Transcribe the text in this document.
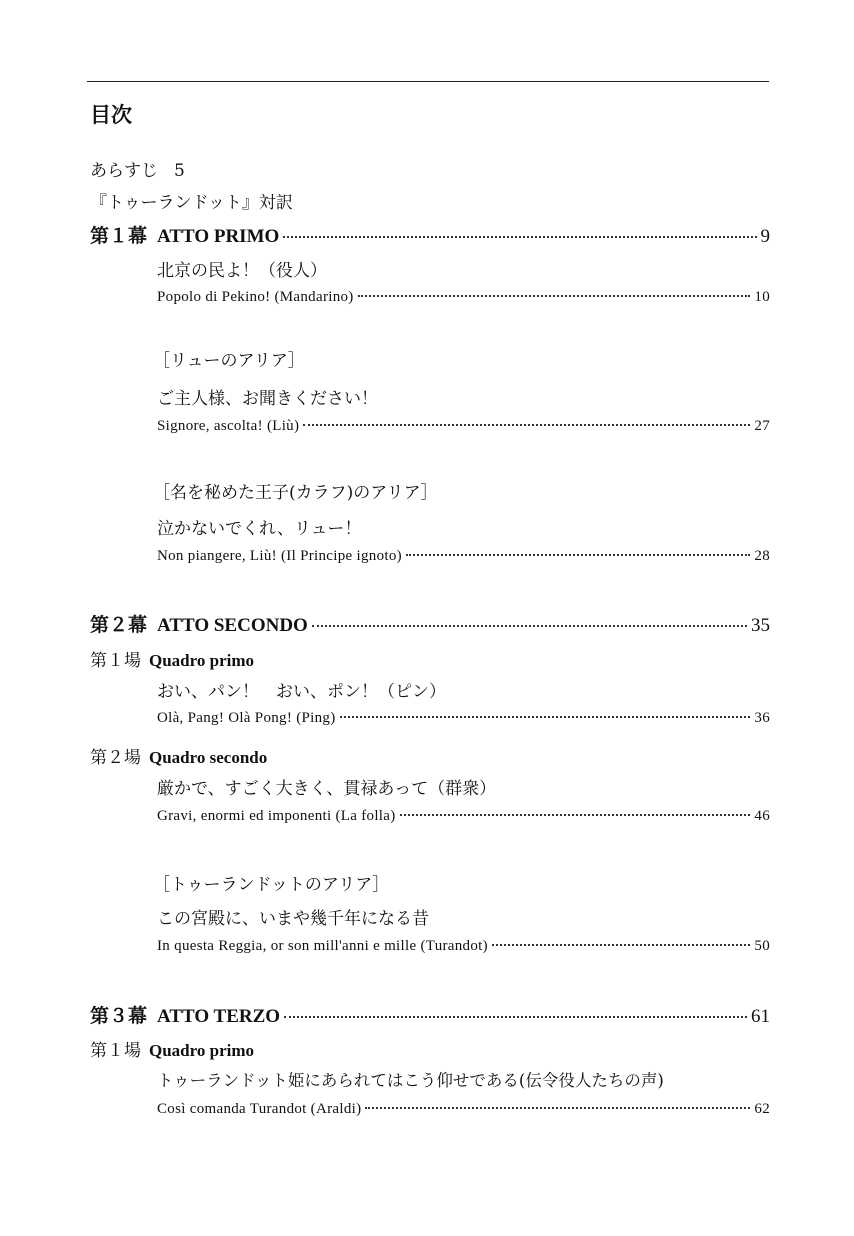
目次
あらすじ 5
『トゥーランドット』対訳
第１幕 ATTO PRIMO	9
北京の民よ！（役人）
Popolo di Pekino! (Mandarino)	10
［リューのアリア］
ご主人様、お聞きください！
Signore, ascolta! (Liù)	27
［名を秘めた王子(カラフ)のアリア］
泣かないでくれ、リュー！
Non piangere, Liù! (Il Principe ignoto)	28
第２幕 ATTO SECONDO	35
第１場 Quadro primo
おい、パン！　おい、ポン！（ピン）
Olà, Pang! Olà Pong! (Ping)	36
第２場 Quadro secondo
厳かで、すごく大きく、貫禄あって（群衆）
Gravi, enormi ed imponenti (La folla)	46
［トゥーランドットのアリア］
この宮殿に、いまや幾千年になる昔
In questa Reggia, or son mill'anni e mille (Turandot)	50
第３幕 ATTO TERZO	61
第１場 Quadro primo
トゥーランドット姫にあられてはこう仰せである(伝令役人たちの声)
Così comanda Turandot (Araldi)	62
